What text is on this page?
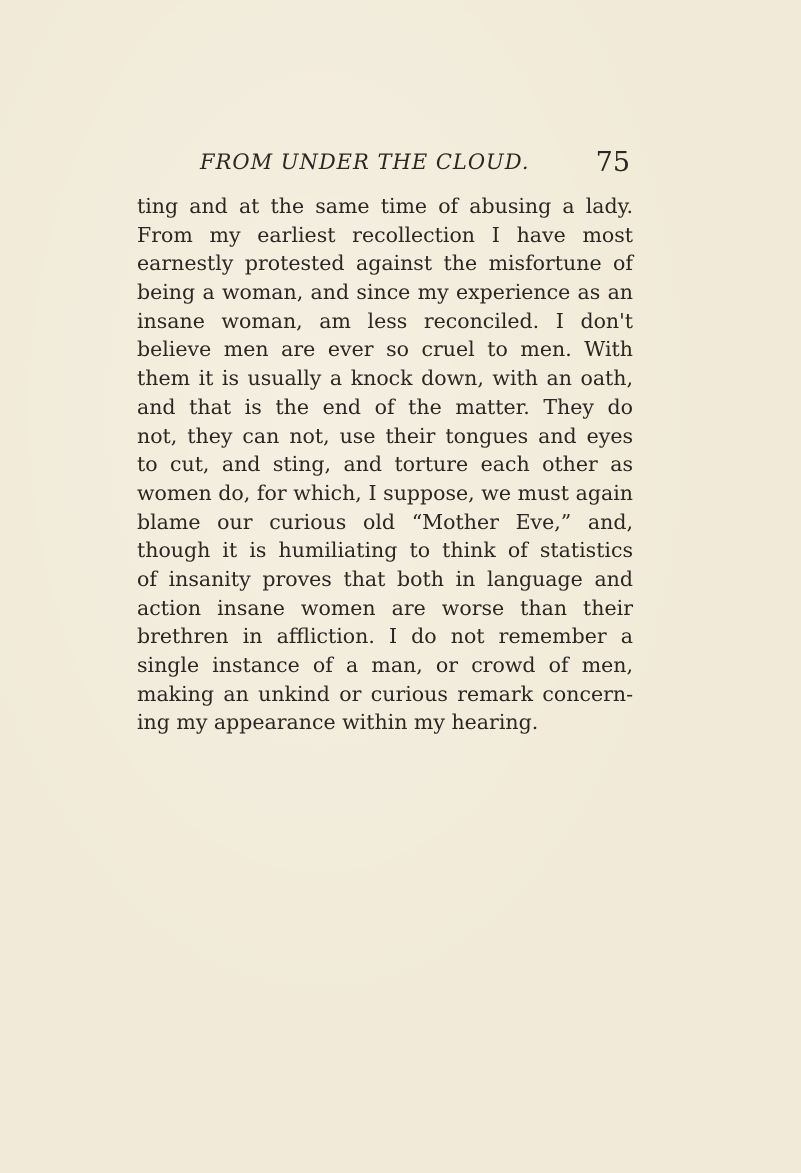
FROM UNDER THE CLOUD. 75
ting and at the same time of abusing a lady.
From my earliest recollection I have most
earnestly protested against the misfortune of
being a woman, and since my experience as an
insane woman, am less reconciled. I don't
believe men are ever so cruel to men. With
them it is usually a knock down, with an oath,
and that is the end of the matter. They do
not, they can not, use their tongues and eyes
to cut, and sting, and torture each other as
women do, for which, I suppose, we must again
blame our curious old “Mother Eve,” and,
though it is humiliating to think of statistics
of insanity proves that both in language and
action insane women are worse than their
brethren in affliction. I do not remember a
single instance of a man, or crowd of men,
making an unkind or curious remark concern-
ing my appearance within my hearing.
